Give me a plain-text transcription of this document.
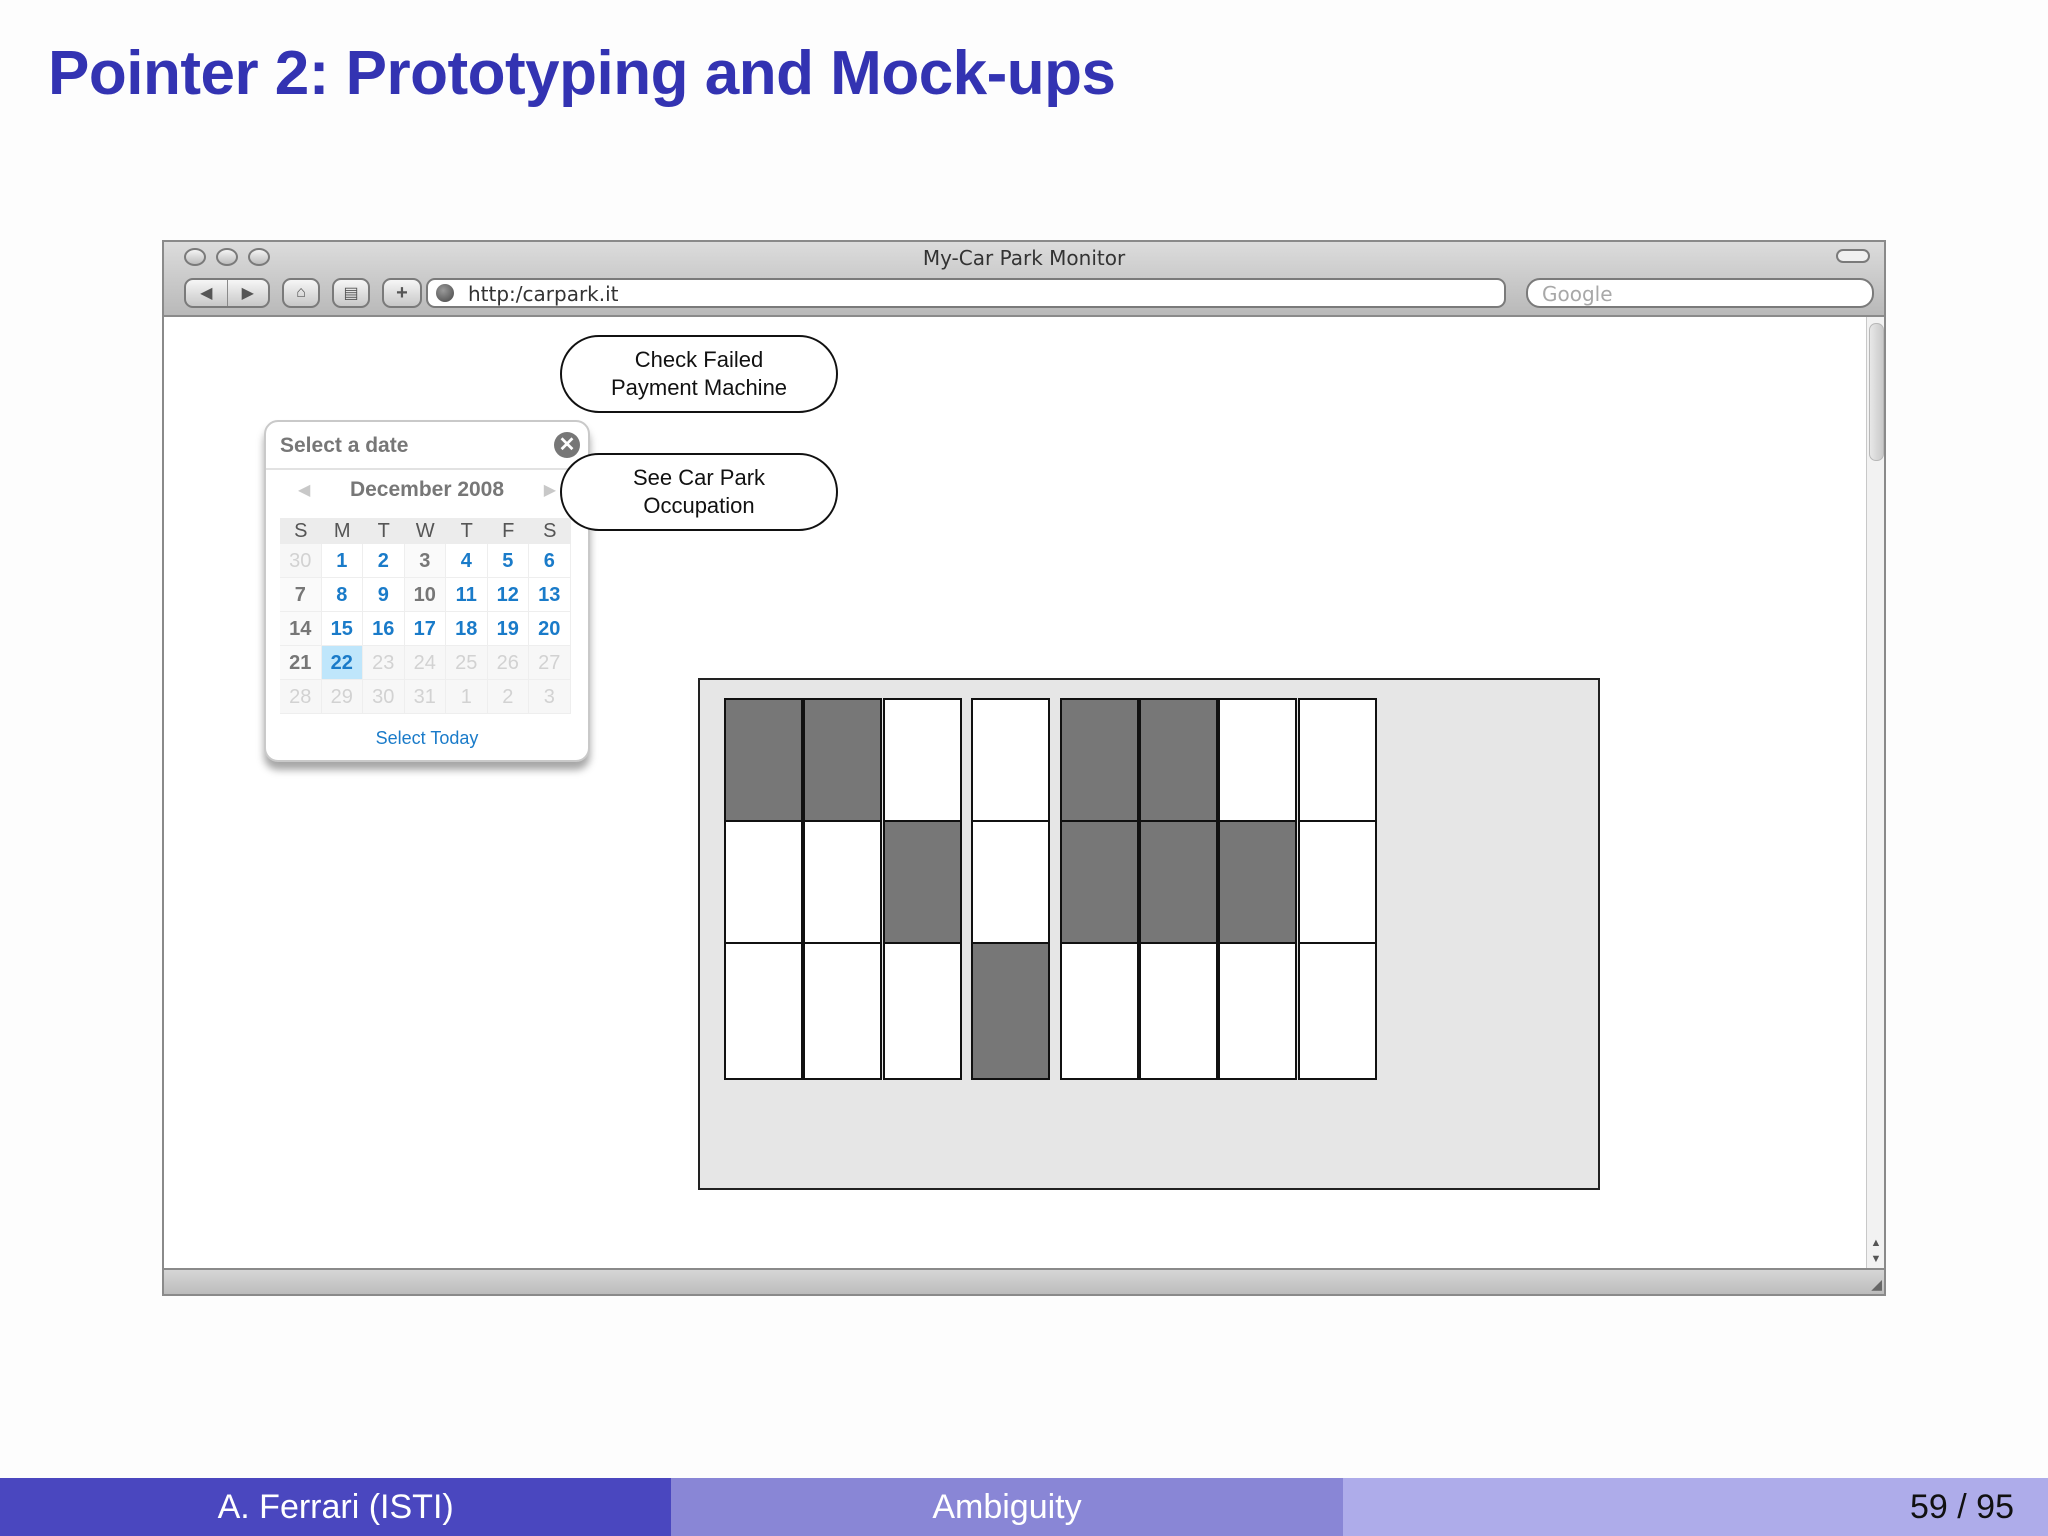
Pointer 2: Prototyping and Mock-ups
My-Car Park Monitor
◀	▶	⌂	▤	+	http:/carpark.it	Google
Select a date	✕
◀	December 2008	▶
S	M	T	W	T	F	S
30	1	2	3	4	5	6
7	8	9	10 11 12 13
14 15 16 17 18 19 20
21 22 23 24 25 26 27
28 29 30 31	1	2	3
Select Today
Check Failed
Payment Machine
See Car Park
Occupation
▲
▼
◢
A. Ferrari (ISTI)	Ambiguity	59 / 95
